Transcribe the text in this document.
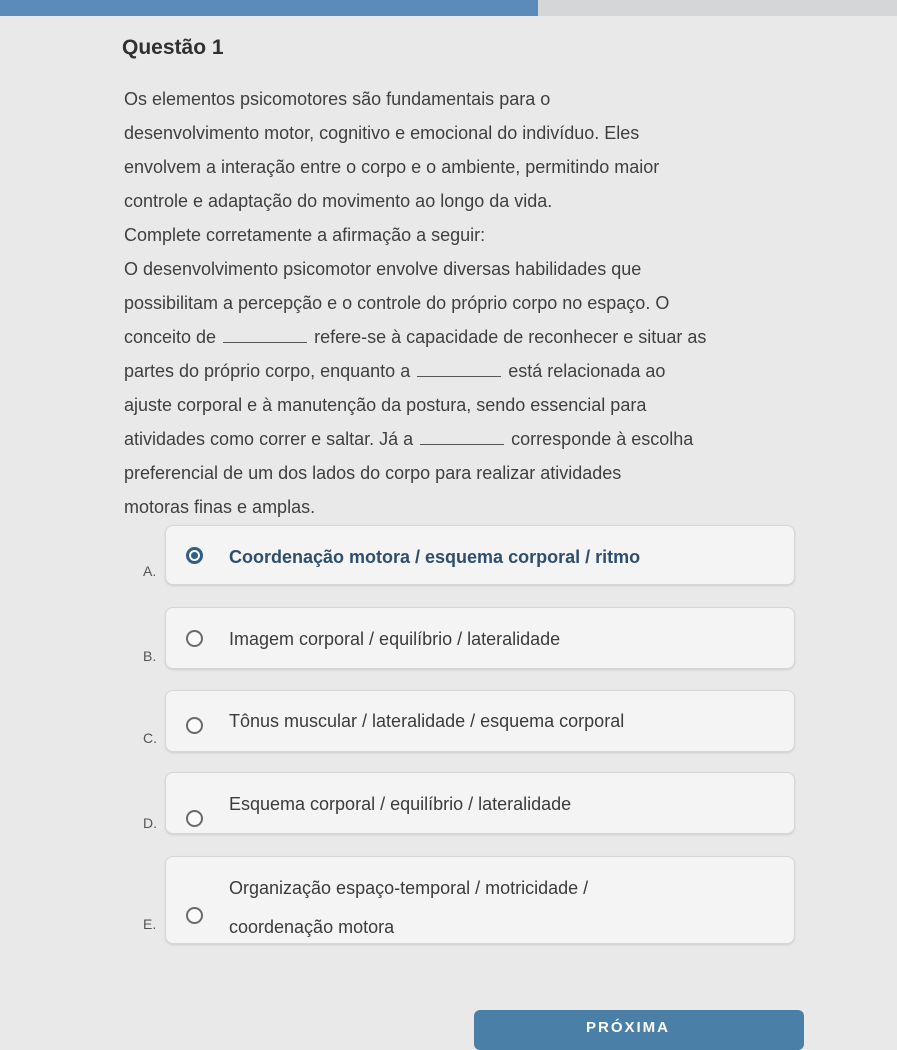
Questão 1
Os elementos psicomotores são fundamentais para o
desenvolvimento motor, cognitivo e emocional do indivíduo. Eles
envolvem a interação entre o corpo e o ambiente, permitindo maior
controle e adaptação do movimento ao longo da vida.
Complete corretamente a afirmação a seguir:
O desenvolvimento psicomotor envolve diversas habilidades que
possibilitam a percepção e o controle do próprio corpo no espaço. O
conceito de	refere-se à capacidade de reconhecer e situar as
partes do próprio corpo, enquanto a	está relacionada ao
ajuste corporal e à manutenção da postura, sendo essencial para
atividades como correr e saltar. Já a	corresponde à escolha
preferencial de um dos lados do corpo para realizar atividades
motoras finas e amplas.
A.
Coordenação motora / esquema corporal / ritmo
B.
Imagem corporal / equilíbrio / lateralidade
C.
Tônus muscular / lateralidade / esquema corporal
D.
Esquema corporal / equilíbrio / lateralidade
E.
Organização espaço-temporal / motricidade /
coordenação motora
PRÓXIMA
